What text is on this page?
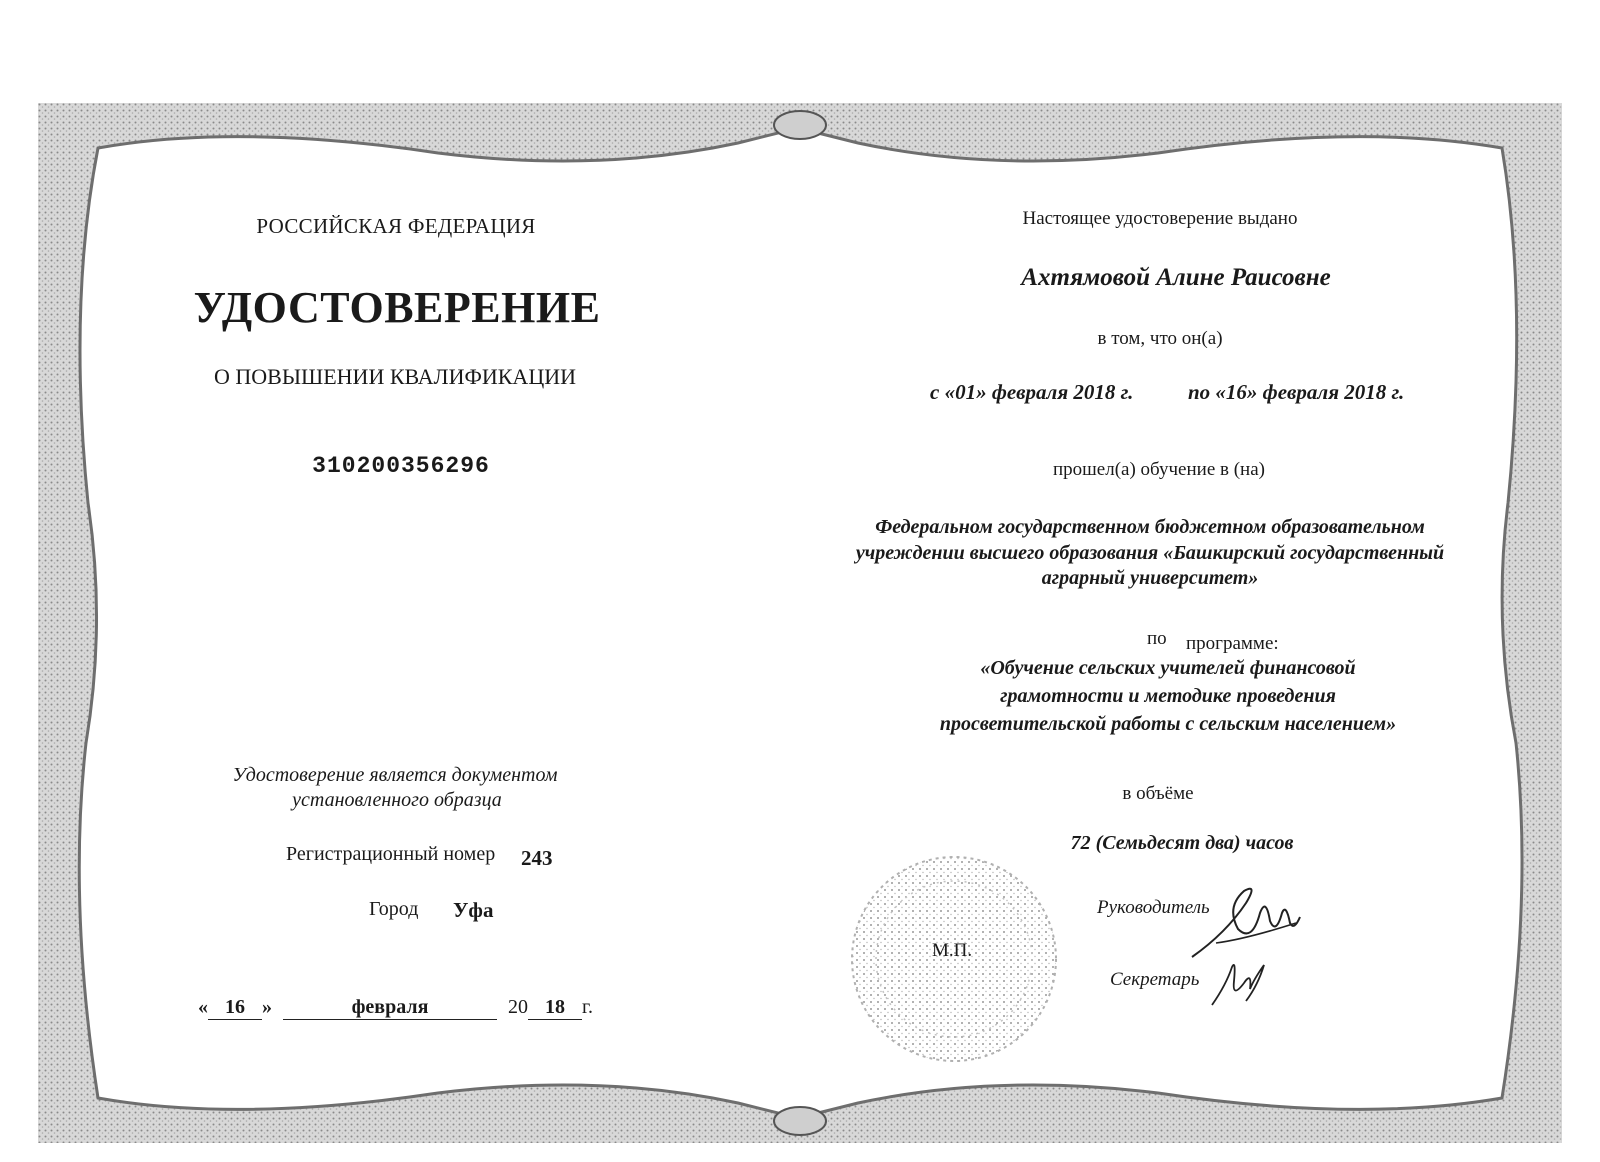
РОССИЙСКАЯ ФЕДЕРАЦИЯ
УДОСТОВЕРЕНИЕ
О ПОВЫШЕНИИ КВАЛИФИКАЦИИ
310200356296
Удостоверение является документом
установленного образца
Регистрационный номер 243
Город Уфа
« 16 »	февраля	20 18 г.
Настоящее удостоверение выдано
Ахтямовой Алине Раисовне
в том, что он(а)
с «01» февраля 2018 г.	по «16» февраля 2018 г.
прошел(а) обучение в (на)
Федеральном государственном бюджетном образовательном
учреждении высшего образования «Башкирский государственный
аграрный университет»
по программе:
«Обучение сельских учителей финансовой
грамотности и методике проведения
просветительской работы с сельским населением»
в объёме
72 (Семьдесят два) часов
М.П.
Руководитель
Секретарь
